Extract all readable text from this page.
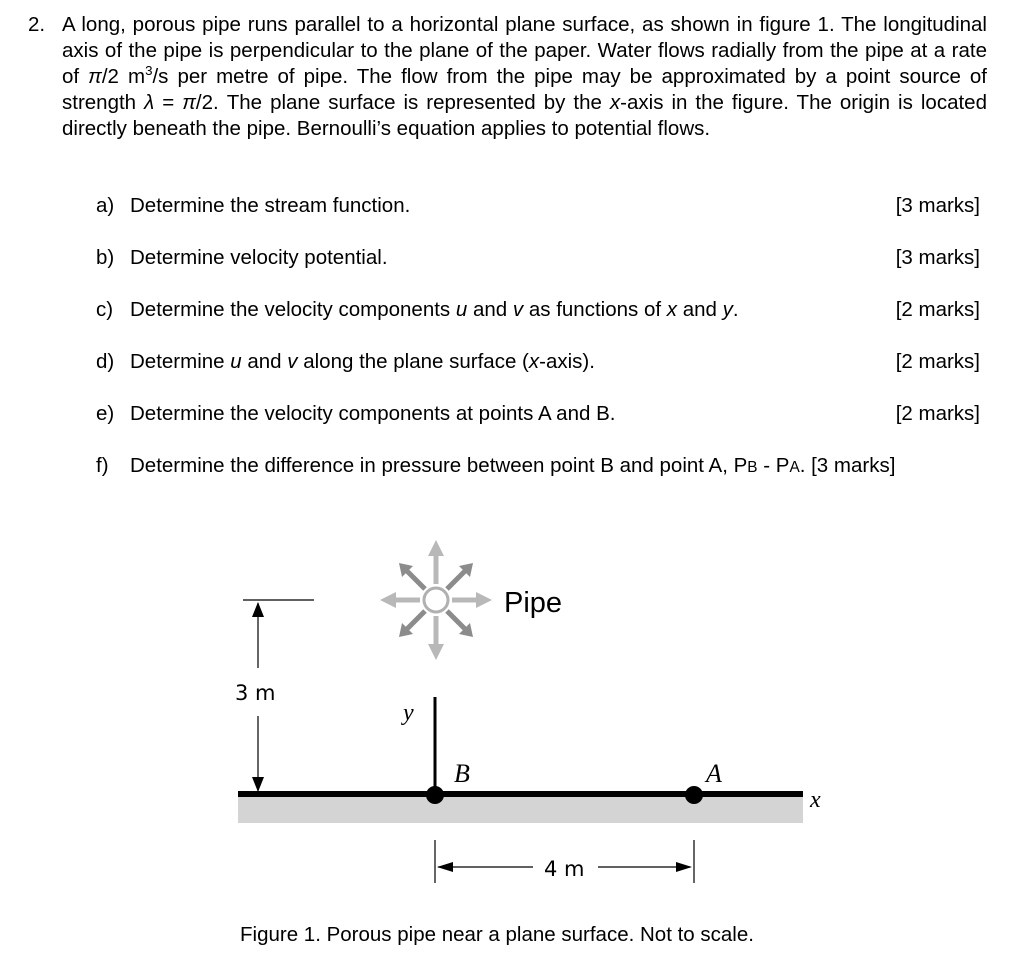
2. A long, porous pipe runs parallel to a horizontal plane surface, as shown in figure 1. The longitudinal axis of the pipe is perpendicular to the plane of the paper. Water flows radially from the pipe at a rate of π/2 $m^3/s$ per metre of pipe. The flow from the pipe may be approximated by a point source of strength λ = π/2. The plane surface is represented by the x-axis in the figure. The origin is located directly beneath the pipe. Bernoulli’s equation applies to potential flows.
a) Determine the stream function.	[3 marks]
b) Determine velocity potential.	[3 marks]
c) Determine the velocity components u and v as functions of x and y.	[2 marks]
d) Determine u and v along the plane surface (x-axis).	[2 marks]
e) Determine the velocity components at points A and B.	[2 marks]
f) Determine the difference in pressure between point B and point A, PB - PA. [3 marks]
Pipe
3 m
y
B	A
x
4 m
Figure 1. Porous pipe near a plane surface. Not to scale.
